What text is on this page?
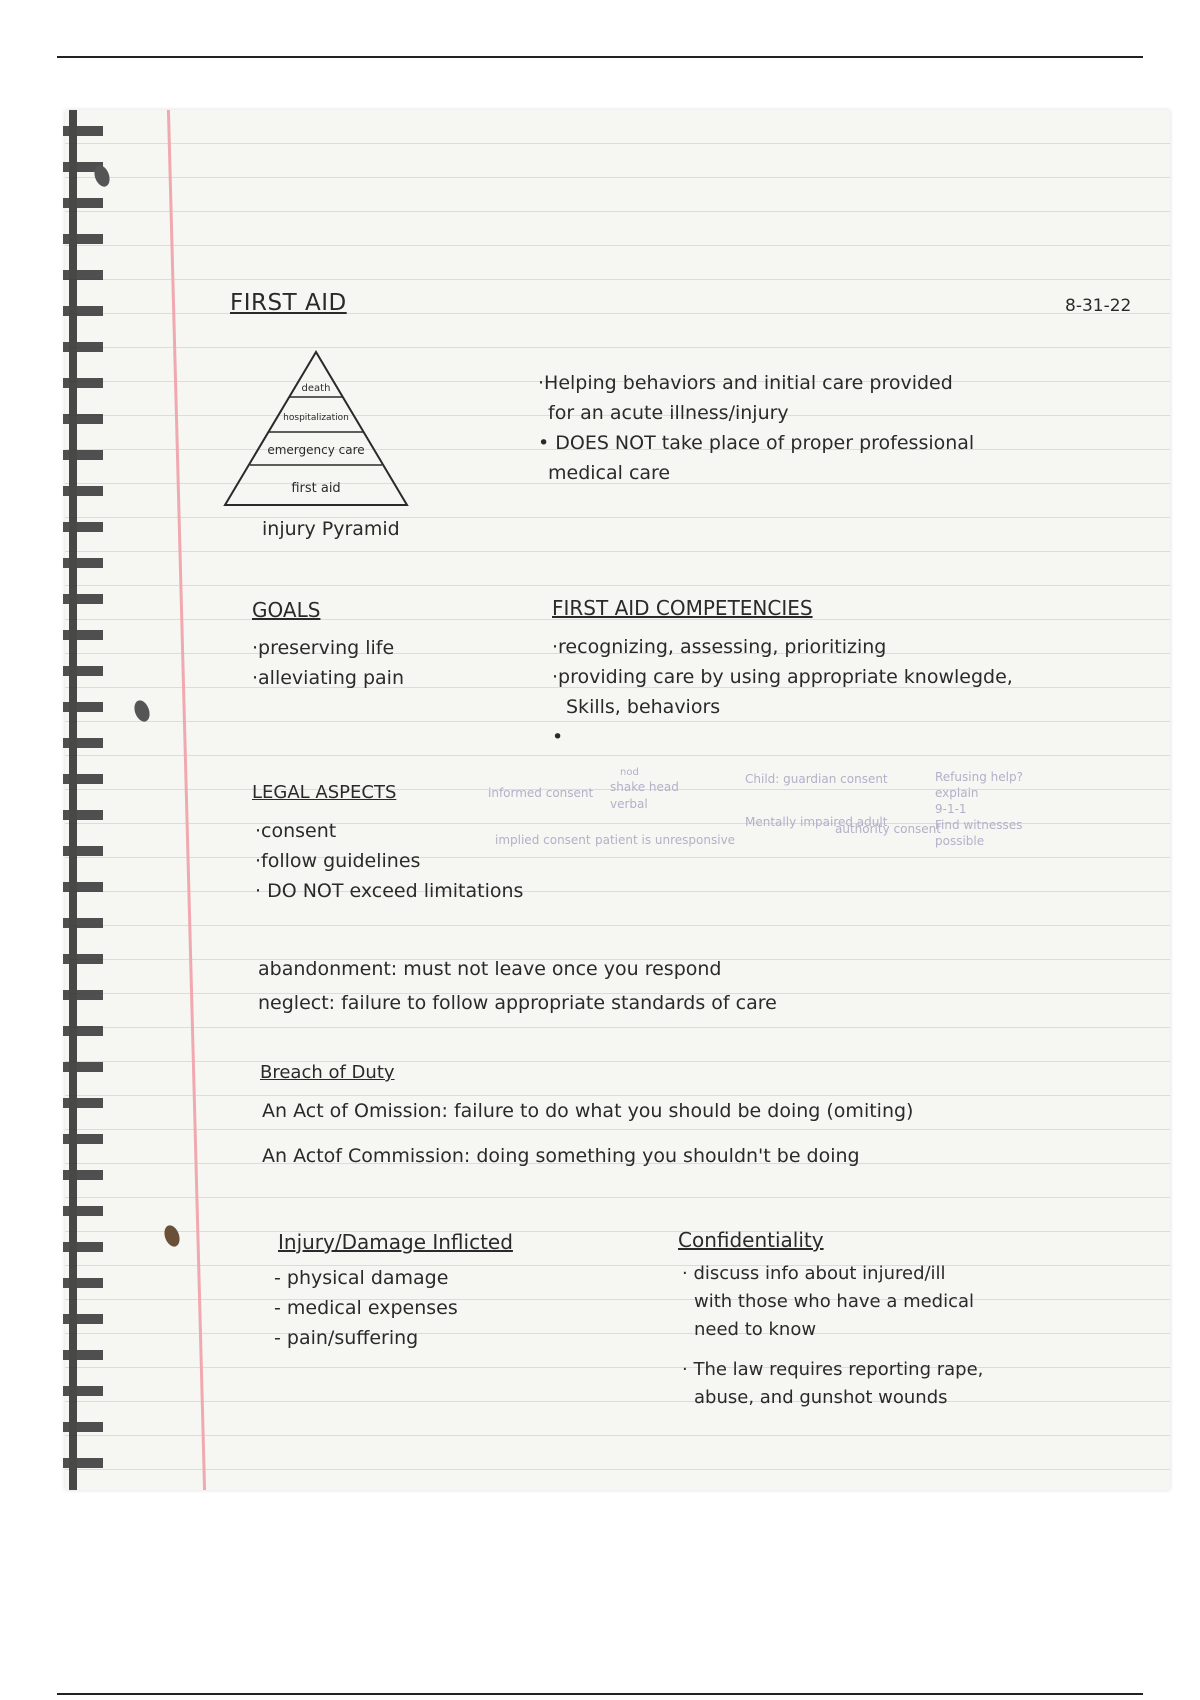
FIRST AID	8-31-22
death
hospitalization
emergency care
first aid
injury Pyramid
·Helping behaviors and initial care provided
for an acute illness/injury
• DOES NOT take place of proper professional
medical care
GOALS
·preserving life
·alleviating pain
FIRST AID COMPETENCIES
·recognizing, assessing, prioritizing
·providing care by using appropriate knowlegde,
Skills, behaviors
•
LEGAL ASPECTS
·consent
·follow guidelines
· DO NOT exceed limitations
informed consent
nod
shake head
verbal
implied consent patient is unresponsive
Child: guardian consent
Mentally impaired adult
authority consent
Refusing help?
explain
9-1-1
Find witnesses
possible
abandonment: must not leave once you respond
neglect: failure to follow appropriate standards of care
Breach of Duty
An Act of Omission: failure to do what you should be doing (omiting)
An Actof Commission: doing something you shouldn't be doing
Injury/Damage Inflicted
- physical damage
- medical expenses
- pain/suffering
Confidentiality
· discuss info about injured/ill
with those who have a medical
need to know
· The law requires reporting rape,
abuse, and gunshot wounds
